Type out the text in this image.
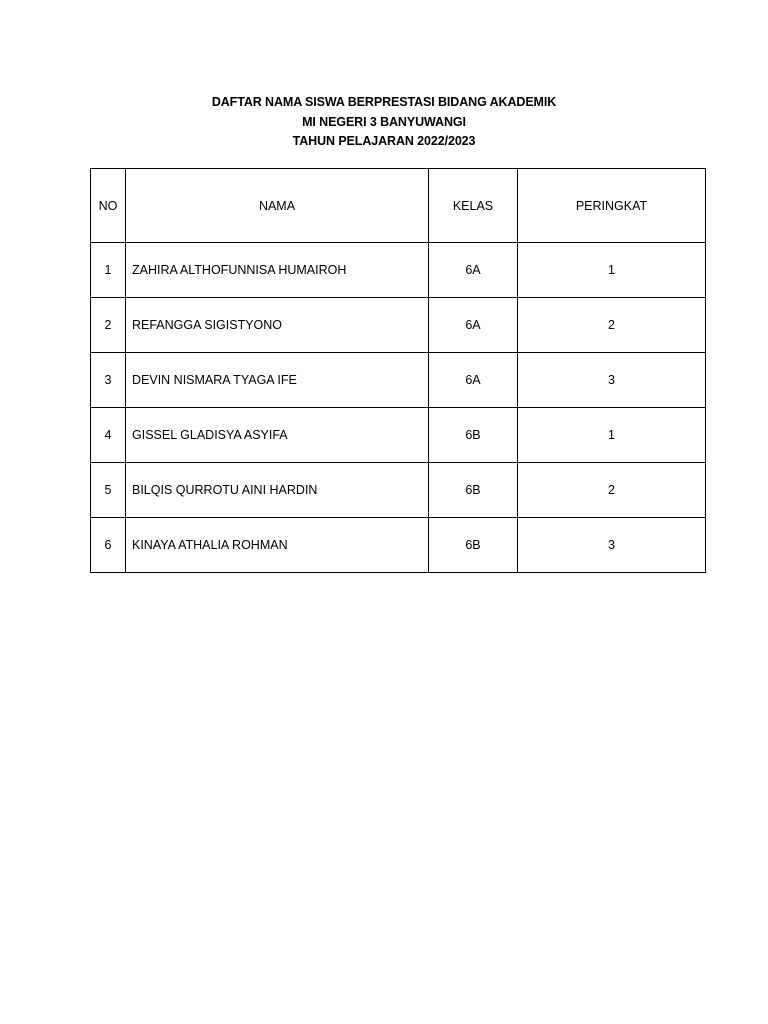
DAFTAR NAMA SISWA BERPRESTASI BIDANG AKADEMIK
MI NEGERI 3 BANYUWANGI
TAHUN PELAJARAN 2022/2023
NO	NAMA	KELAS	PERINGKAT
1	ZAHIRA ALTHOFUNNISA HUMAIROH	6A	1
2	REFANGGA SIGISTYONO	6A	2
3	DEVIN NISMARA TYAGA IFE	6A	3
4	GISSEL GLADISYA ASYIFA	6B	1
5	BILQIS QURROTU AINI HARDIN	6B	2
6	KINAYA ATHALIA ROHMAN	6B	3
